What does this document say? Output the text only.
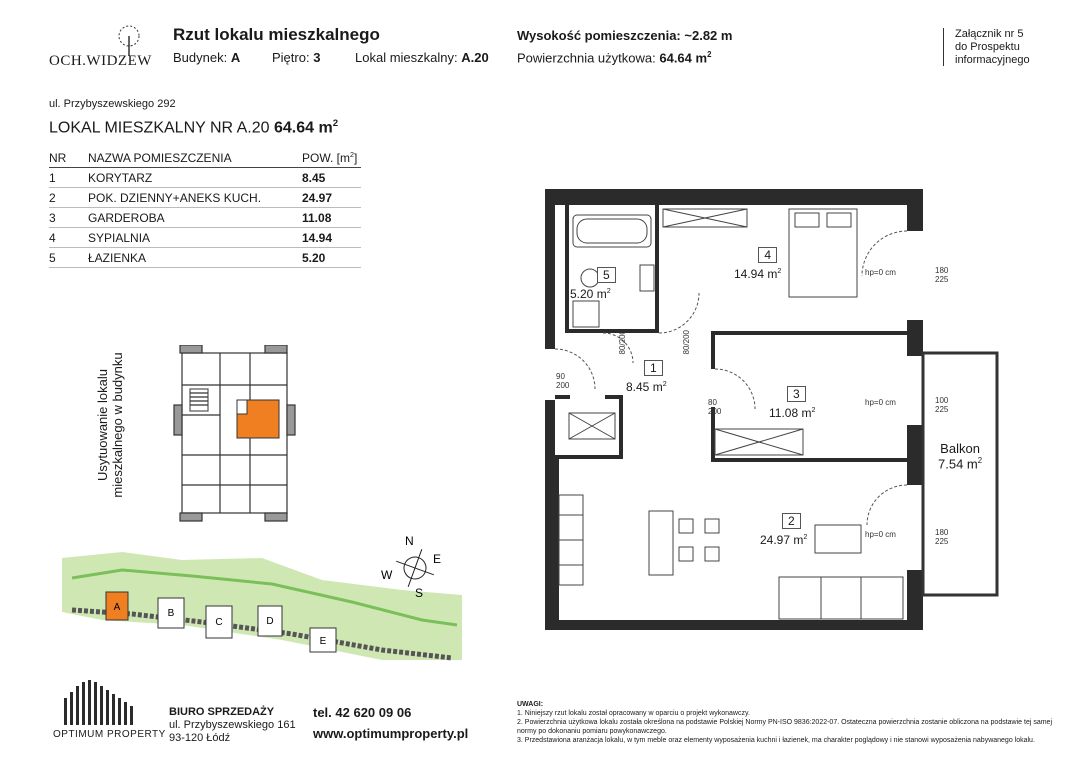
OCH.WIDZEW
Rzut lokalu mieszkalnego
Budynek: A Piętro: 3	Lokal mieszkalny: A.20
Wysokość pomieszczenia: ~2.82 m
Powierzchnia użytkowa: 64.64 $m^2$
Załącznik nr 5
do Prospektu
informacyjnego
ul. Przybyszewskiego 292
LOKAL MIESZKALNY NR A.20 64.64 $m^2$
NR	NAZWA POMIESZCZENIA	POW. $[m^2]$
1	KORYTARZ	8.45
2	POK. DZIENNY+ANEKS KUCH.	24.97
3	GARDEROBA	11.08
4	SYPIALNIA	14.94
5	ŁAZIENKA	5.20
Usytuowanie lokalu mieszkalnego w budynku
A
B
C	D
E
N
E
S
W
5
5.20 $m^2$
4
14.94 $m^2$
1
8.45 $m^2$
3
11.08 $m^2$
2
24.97 $m^2$
Balkon
7.54 $m^2$
hp=0 cm
hp=0 cm
hp=0 cm
80/200
80/200
90
200
80
200
180
225
100
225
180
225
OPTIMUM PROPERTY
BIURO SPRZEDAŻY
ul. Przybyszewskiego 161
93-120 Łódź
tel. 42 620 09 06
www.optimumproperty.pl
UWAGI:
1. Niniejszy rzut lokalu został opracowany w oparciu o projekt wykonawczy.
2. Powierzchnia użytkowa lokalu została określona na podstawie Polskiej Normy PN-ISO 9836:2022-07. Ostateczna powierzchnia zostanie obliczona na podstawie tej samej
normy po dokonaniu pomiaru powykonawczego.
3. Przedstawiona aranżacja lokalu, w tym meble oraz elementy wyposażenia kuchni i łazienek, ma charakter poglądowy i nie stanowi wyposażenia nabywanego lokalu.
